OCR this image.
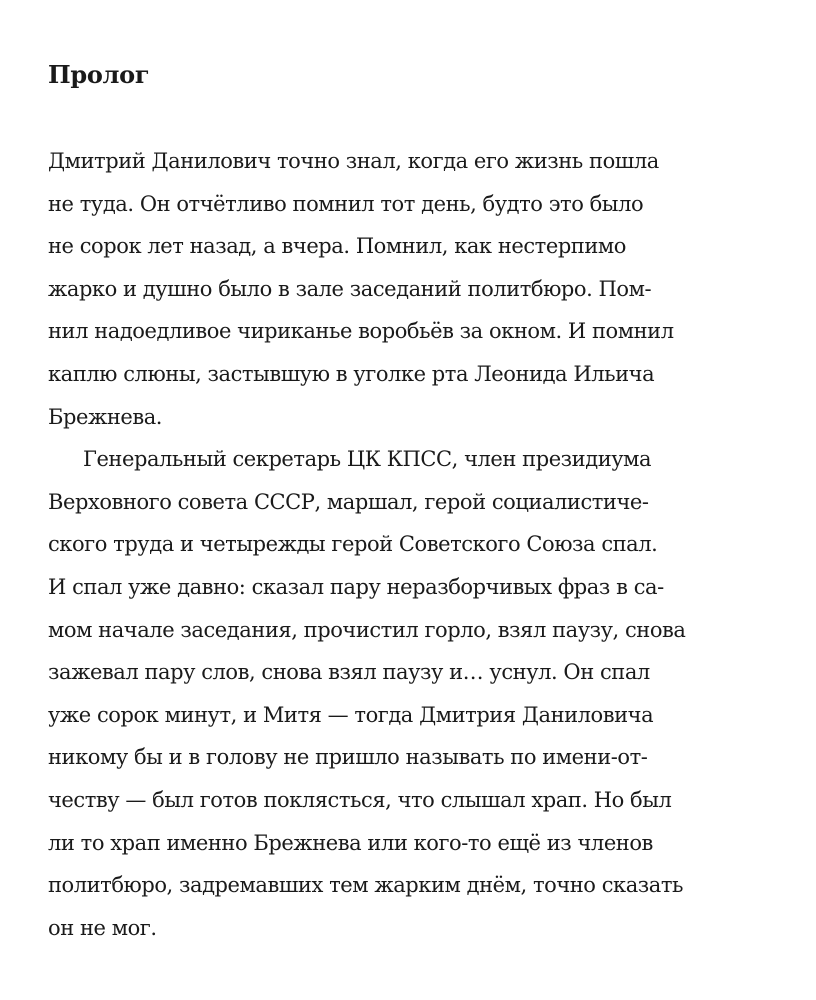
Пролог
Дмитрий Данилович точно знал, когда его жизнь пошла
не туда. Он отчётливо помнил тот день, будто это было
не сорок лет назад, а вчера. Помнил, как нестерпимо
жарко и душно было в зале заседаний политбюро. Пом-
нил надоедливое чириканье воробьёв за окном. И помнил
каплю слюны, застывшую в уголке рта Леонида Ильича
Брежнева.
Генеральный секретарь ЦК КПСС, член президиума
Верховного совета СССР, маршал, герой социалистиче-
ского труда и четырежды герой Советского Союза спал.
И спал уже давно: сказал пару неразборчивых фраз в са-
мом начале заседания, прочистил горло, взял паузу, снова
зажевал пару слов, снова взял паузу и… уснул. Он спал
уже сорок минут, и Митя — тогда Дмитрия Даниловича
никому бы и в голову не пришло называть по имени-от-
честву — был готов поклясться, что слышал храп. Но был
ли то храп именно Брежнева или кого-то ещё из членов
политбюро, задремавших тем жарким днём, точно сказать
он не мог.
